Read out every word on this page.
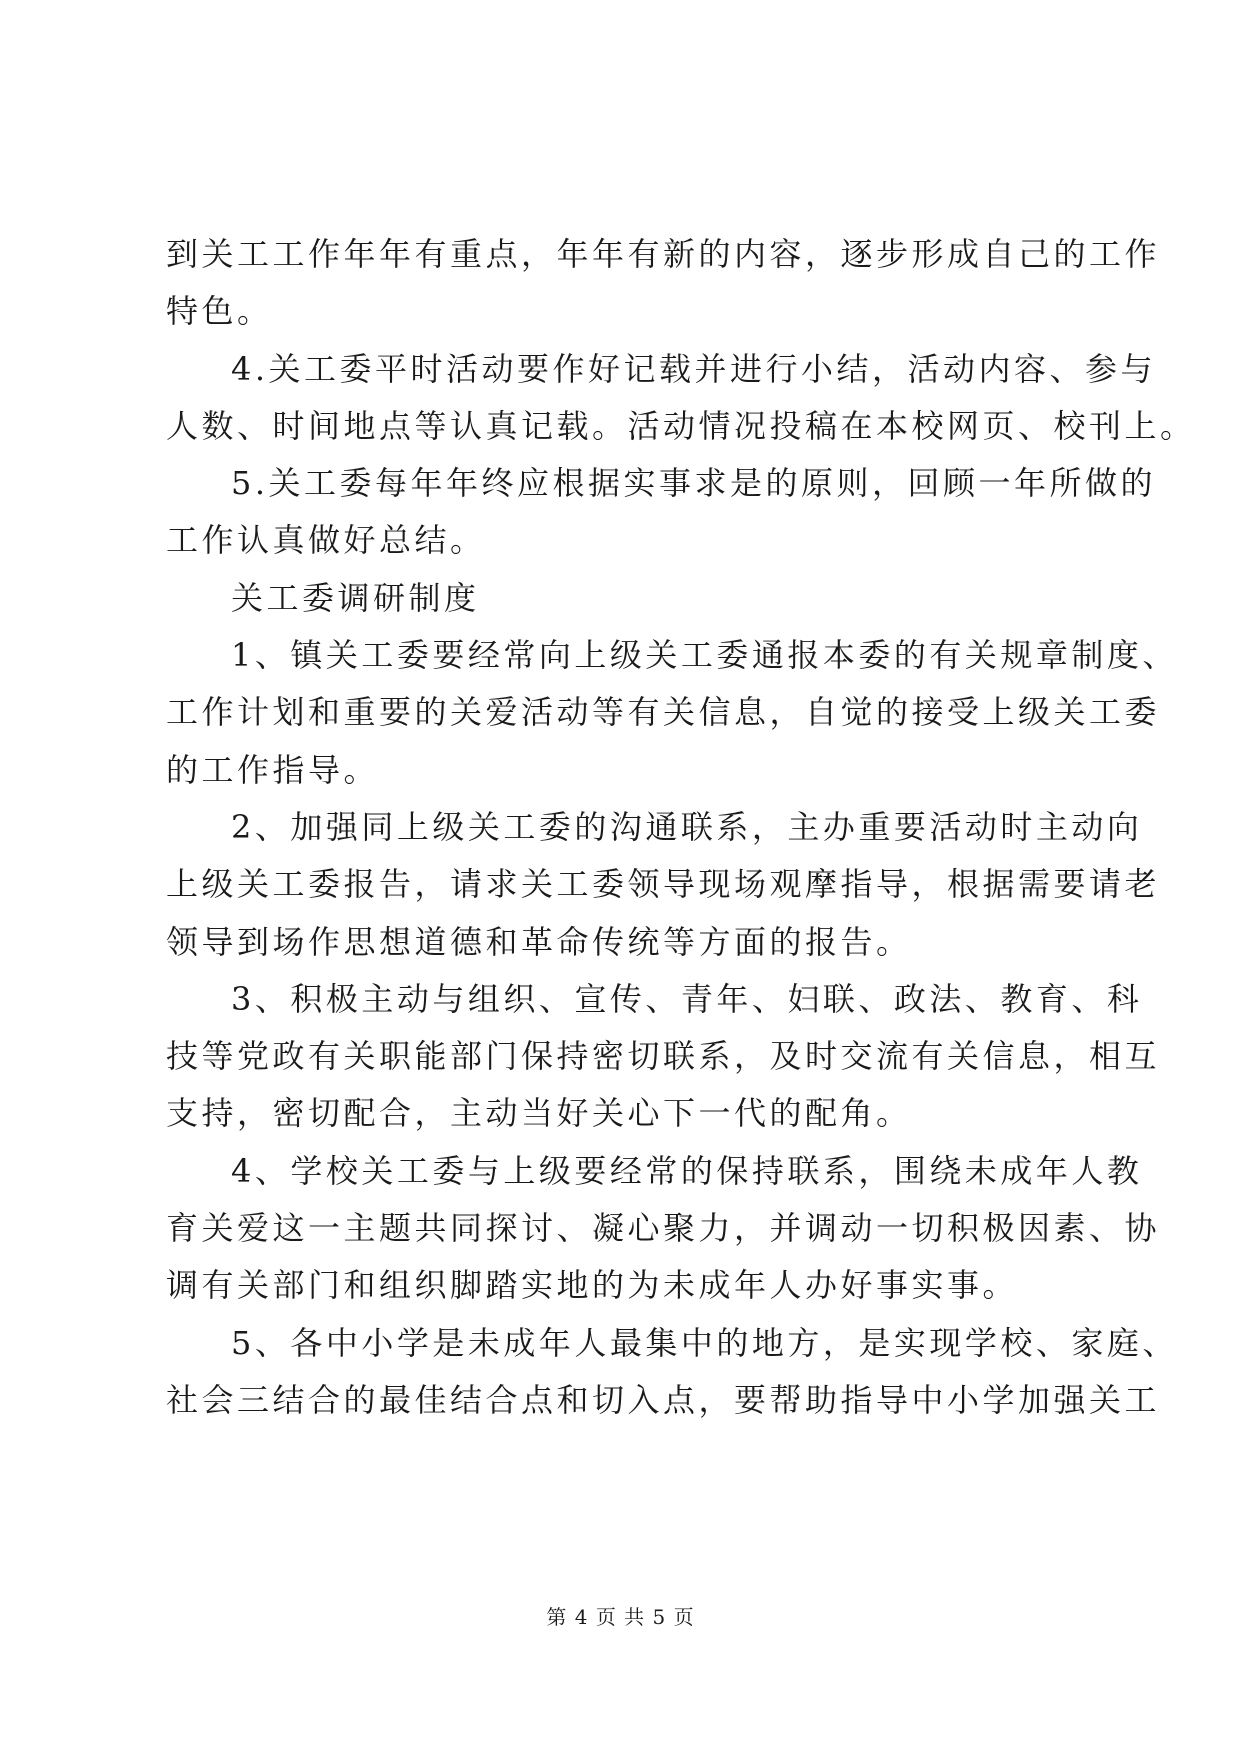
到关工工作年年有重点，年年有新的内容，逐步形成自己的工作
特色。
4.关工委平时活动要作好记载并进行小结，活动内容、参与
人数、时间地点等认真记载。活动情况投稿在本校网页、校刊上。
5.关工委每年年终应根据实事求是的原则，回顾一年所做的
工作认真做好总结。
关工委调研制度
1、镇关工委要经常向上级关工委通报本委的有关规章制度、
工作计划和重要的关爱活动等有关信息，自觉的接受上级关工委
的工作指导。
2、加强同上级关工委的沟通联系，主办重要活动时主动向
上级关工委报告，请求关工委领导现场观摩指导，根据需要请老
领导到场作思想道德和革命传统等方面的报告。
3、积极主动与组织、宣传、青年、妇联、政法、教育、科
技等党政有关职能部门保持密切联系，及时交流有关信息，相互
支持，密切配合，主动当好关心下一代的配角。
4、学校关工委与上级要经常的保持联系，围绕未成年人教
育关爱这一主题共同探讨、凝心聚力，并调动一切积极因素、协
调有关部门和组织脚踏实地的为未成年人办好事实事。
5、各中小学是未成年人最集中的地方，是实现学校、家庭、
社会三结合的最佳结合点和切入点，要帮助指导中小学加强关工
第 4 页 共 5 页
